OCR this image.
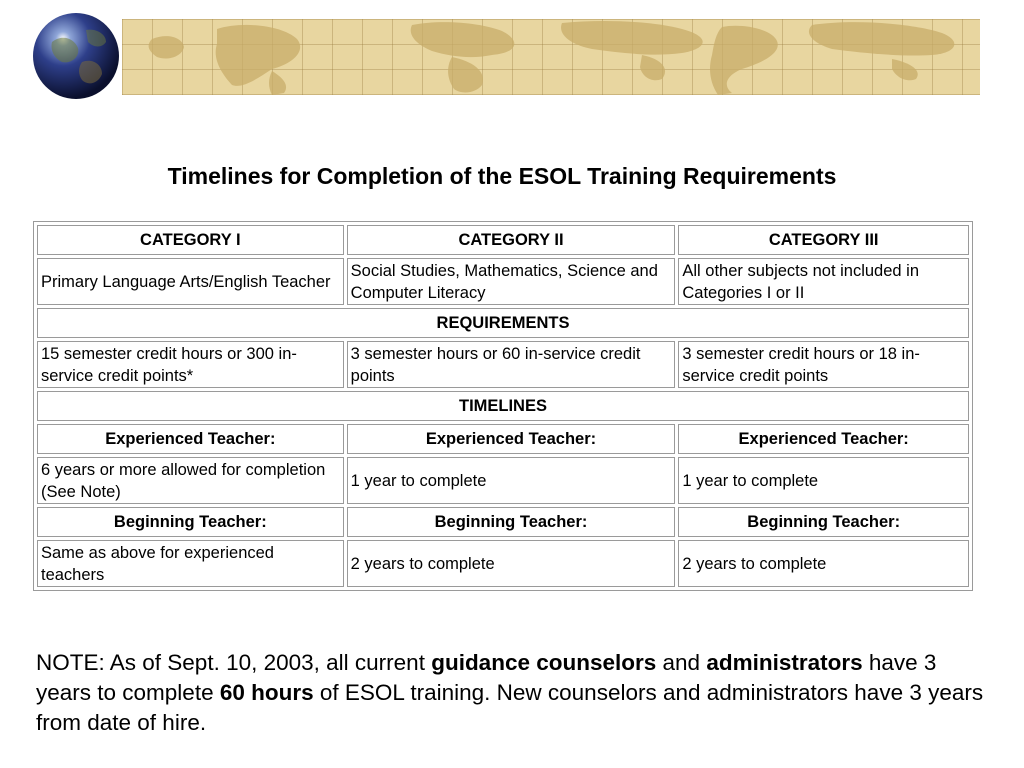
Timelines for Completion of the ESOL Training Requirements
CATEGORY I	CATEGORY II	CATEGORY III
Primary Language Arts/English Teacher	Social Studies, Mathematics, Science and Computer Literacy	All other subjects not included in Categories I or II
REQUIREMENTS		
15 semester credit hours or 300 in-service credit points*	3 semester hours or 60 in-service credit points	3 semester credit hours or 18 in-service credit points
TIMELINES		
Experienced Teacher:	Experienced Teacher:	Experienced Teacher:
6 years or more allowed for completion (See Note)	1 year to complete	1 year to complete
Beginning Teacher:	Beginning Teacher:	Beginning Teacher:
Same as above for experienced teachers	2 years to complete	2 years to complete
NOTE: As of Sept. 10, 2003, all current guidance counselors and administrators have 3 years to complete 60 hours of ESOL training. New counselors and administrators have 3 years from date of hire.
